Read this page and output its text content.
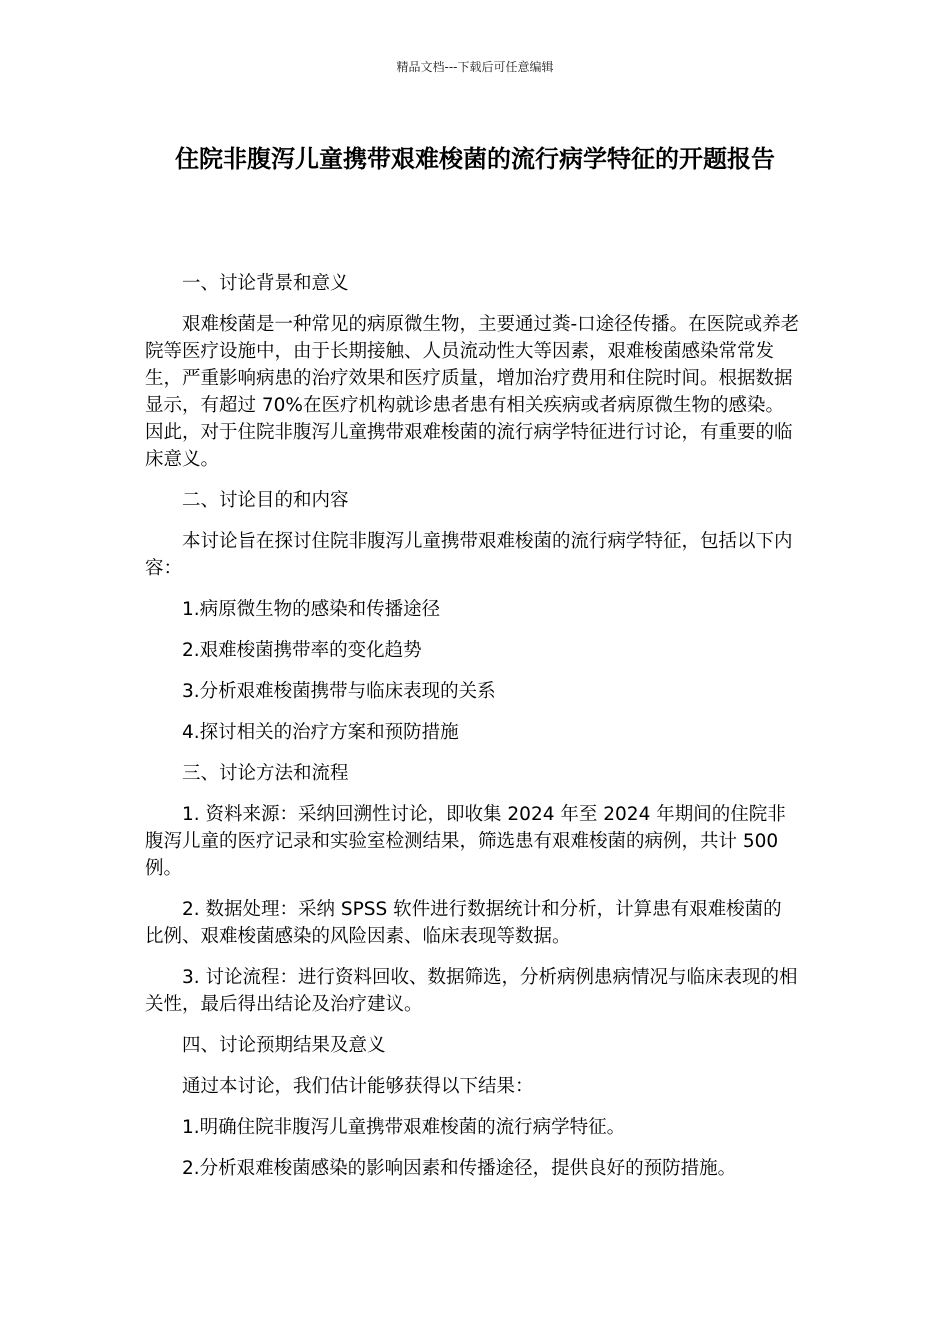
精品文档---下载后可任意编辑
住院非腹泻儿童携带艰难梭菌的流行病学特征的开题报告

一、讨论背景和意义

艰难梭菌是一种常见的病原微生物，主要通过粪-口途径传播。在医院或养老院等医疗设施中，由于长期接触、人员流动性大等因素，艰难梭菌感染常常发生，严重影响病患的治疗效果和医疗质量，增加治疗费用和住院时间。根据数据显示，有超过 70%在医疗机构就诊患者患有相关疾病或者病原微生物的感染。因此，对于住院非腹泻儿童携带艰难梭菌的流行病学特征进行讨论，有重要的临床意义。

二、讨论目的和内容

本讨论旨在探讨住院非腹泻儿童携带艰难梭菌的流行病学特征，包括以下内容：

1.病原微生物的感染和传播途径

2.艰难梭菌携带率的变化趋势

3.分析艰难梭菌携带与临床表现的关系

4.探讨相关的治疗方案和预防措施

三、讨论方法和流程

1. 资料来源：采纳回溯性讨论，即收集 2024 年至 2024 年期间的住院非腹泻儿童的医疗记录和实验室检测结果，筛选患有艰难梭菌的病例，共计 500 例。

2. 数据处理：采纳 SPSS 软件进行数据统计和分析，计算患有艰难梭菌的比例、艰难梭菌感染的风险因素、临床表现等数据。

3. 讨论流程：进行资料回收、数据筛选，分析病例患病情况与临床表现的相关性，最后得出结论及治疗建议。

四、讨论预期结果及意义

通过本讨论，我们估计能够获得以下结果：

1.明确住院非腹泻儿童携带艰难梭菌的流行病学特征。

2.分析艰难梭菌感染的影响因素和传播途径，提供良好的预防措施。
